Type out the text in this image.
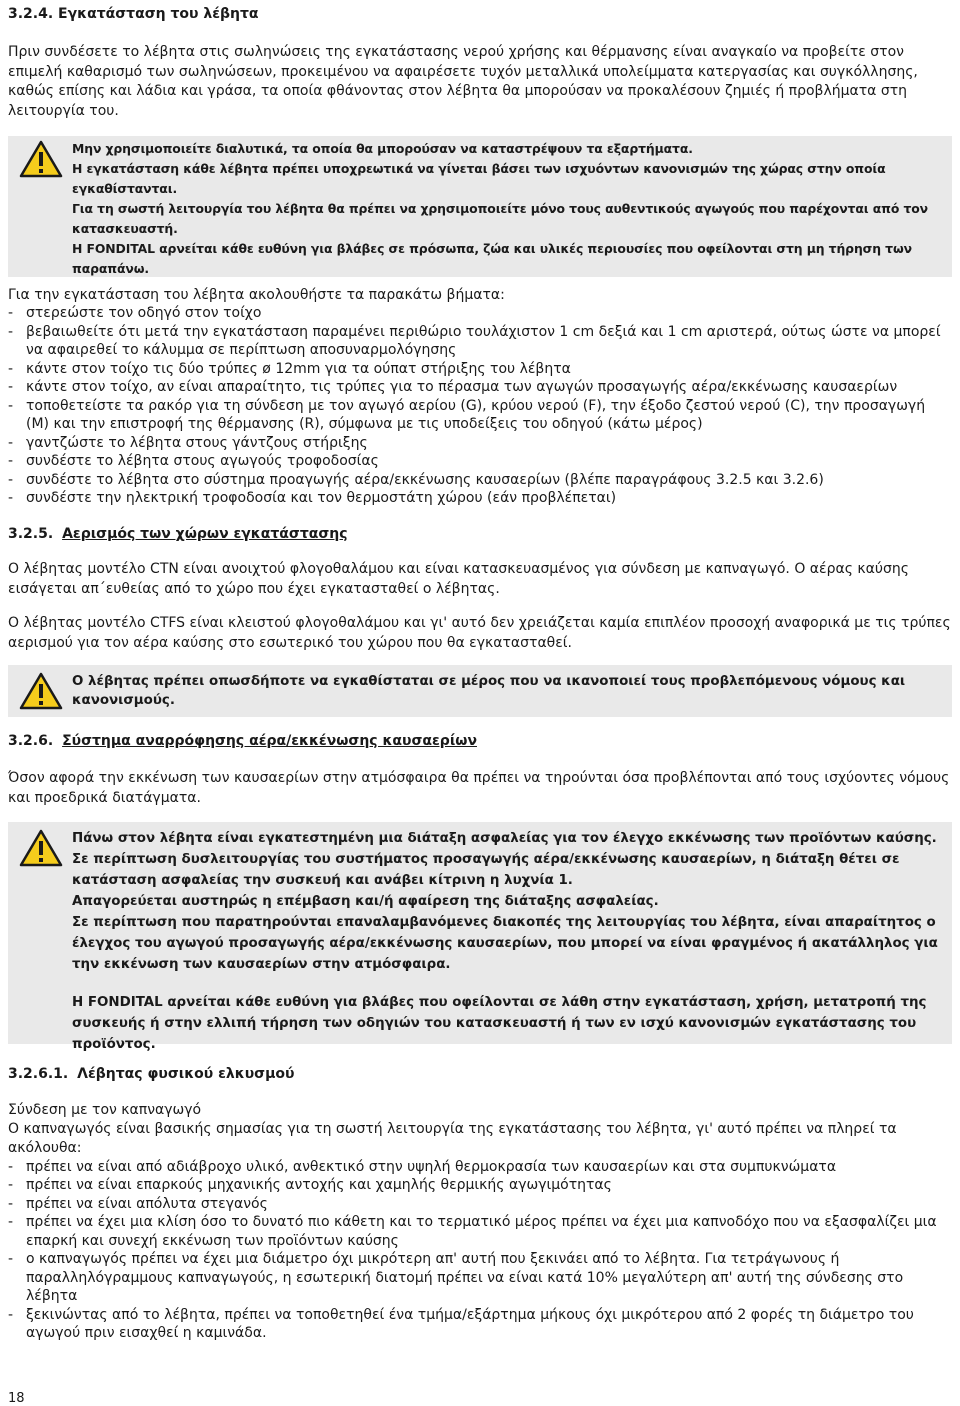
3.2.4. Εγκατάσταση του λέβητα

Πριν συνδέσετε το λέβητα στις σωληνώσεις της εγκατάστασης νερού χρήσης και θέρμανσης είναι αναγκαίο να προβείτε στον επιμελή καθαρισμό των σωληνώσεων, προκειμένου να αφαιρέσετε τυχόν μεταλλικά υπολείμματα κατεργασίας και συγκόλλησης, καθώς επίσης και λάδια και γράσα, τα οποία φθάνοντας στον λέβητα θα μπορούσαν να προκαλέσουν ζημιές ή προβλήματα στη λειτουργία του.

Μην χρησιμοποιείτε διαλυτικά, τα οποία θα μπορούσαν να καταστρέψουν τα εξαρτήματα.

Η εγκατάσταση κάθε λέβητα πρέπει υποχρεωτικά να γίνεται βάσει των ισχυόντων κανονισμών της χώρας στην οποία εγκαθίστανται.

Για τη σωστή λειτουργία του λέβητα θα πρέπει να χρησιμοποιείτε μόνο τους αυθεντικούς αγωγούς που παρέχονται από τον κατασκευαστή.

Η FONDITAL αρνείται κάθε ευθύνη για βλάβες σε πρόσωπα, ζώα και υλικές περιουσίες που οφείλονται στη μη τήρηση των παραπάνω.

Για την εγκατάσταση του λέβητα ακολουθήστε τα παρακάτω βήματα:

- στερεώστε τον οδηγό στον τοίχο
- βεβαιωθείτε ότι μετά την εγκατάσταση παραμένει περιθώριο τουλάχιστον 1 cm δεξιά και 1 cm αριστερά, ούτως ώστε να μπορεί να αφαιρεθεί το κάλυμμα σε περίπτωση αποσυναρμολόγησης
- κάντε στον τοίχο τις δύο τρύπες ø 12mm για τα ούπατ στήριξης του λέβητα
- κάντε στον τοίχο, αν είναι απαραίτητο, τις τρύπες για το πέρασμα των αγωγών προσαγωγής αέρα/εκκένωσης καυσαερίων
- τοποθετείστε τα ρακόρ για τη σύνδεση με τον αγωγό αερίου (G), κρύου νερού (F), την έξοδο ζεστού νερού (C), την προσαγωγή (M) και την επιστροφή της θέρμανσης (R), σύμφωνα με τις υποδείξεις του οδηγού (κάτω μέρος)
- γαντζώστε το λέβητα στους γάντζους στήριξης
- συνδέστε το λέβητα στους αγωγούς τροφοδοσίας
- συνδέστε το λέβητα στο σύστημα προαγωγής αέρα/εκκένωσης καυσαερίων (βλέπε παραγράφους 3.2.5 και 3.2.6)
- συνδέστε την ηλεκτρική τροφοδοσία και τον θερμοστάτη χώρου (εάν προβλέπεται)
3.2.5. Αερισμός των χώρων εγκατάστασης

Ο λέβητας μοντέλο CTN είναι ανοιχτού φλογοθαλάμου και είναι κατασκευασμένος για σύνδεση με καπναγωγό. Ο αέρας καύσης εισάγεται απ΄ευθείας από το χώρο που έχει εγκατασταθεί ο λέβητας.

Ο λέβητας μοντέλο CTFS είναι κλειστού φλογοθαλάμου και γι' αυτό δεν χρειάζεται καμία επιπλέον προσοχή αναφορικά με τις τρύπες αερισμού για τον αέρα καύσης στο εσωτερικό του χώρου που θα εγκατασταθεί.

Ο λέβητας πρέπει οπωσδήποτε να εγκαθίσταται σε μέρος που να ικανοποιεί τους προβλεπόμενους νόμους και κανονισμούς.

3.2.6. Σύστημα αναρρόφησης αέρα/εκκένωσης καυσαερίων

Όσον αφορά την εκκένωση των καυσαερίων στην ατμόσφαιρα θα πρέπει να τηρούνται όσα προβλέπονται από τους ισχύοντες νόμους και προεδρικά διατάγματα.

Πάνω στον λέβητα είναι εγκατεστημένη μια διάταξη ασφαλείας για τον έλεγχο εκκένωσης των προϊόντων καύσης.

Σε περίπτωση δυσλειτουργίας του συστήματος προσαγωγής αέρα/εκκένωσης καυσαερίων, η διάταξη θέτει σε κατάσταση ασφαλείας την συσκευή και ανάβει κίτρινη η λυχνία 1.

Απαγορεύεται αυστηρώς η επέμβαση και/ή αφαίρεση της διάταξης ασφαλείας.

Σε περίπτωση που παρατηρούνται επαναλαμβανόμενες διακοπές της λειτουργίας του λέβητα, είναι απαραίτητος ο έλεγχος του αγωγού προσαγωγής αέρα/εκκένωσης καυσαερίων, που μπορεί να είναι φραγμένος ή ακατάλληλος για την εκκένωση των καυσαερίων στην ατμόσφαιρα.

Η FONDITAL αρνείται κάθε ευθύνη για βλάβες που οφείλονται σε λάθη στην εγκατάσταση, χρήση, μετατροπή της συσκευής ή στην ελλιπή τήρηση των οδηγιών του κατασκευαστή ή των εν ισχύ κανονισμών εγκατάστασης του προϊόντος.

3.2.6.1. Λέβητας φυσικού ελκυσμού

Σύνδεση με τον καπναγωγό

Ο καπναγωγός είναι βασικής σημασίας για τη σωστή λειτουργία της εγκατάστασης του λέβητα, γι' αυτό πρέπει να πληρεί τα ακόλουθα:

- πρέπει να είναι από αδιάβροχο υλικό, ανθεκτικό στην υψηλή θερμοκρασία των καυσαερίων και στα συμπυκνώματα
- πρέπει να είναι επαρκούς μηχανικής αντοχής και χαμηλής θερμικής αγωγιμότητας
- πρέπει να είναι απόλυτα στεγανός
- πρέπει να έχει μια κλίση όσο το δυνατό πιο κάθετη και το τερματικό μέρος πρέπει να έχει μια καπνοδόχο που να εξασφαλίζει μια επαρκή και συνεχή εκκένωση των προϊόντων καύσης
- ο καπναγωγός πρέπει να έχει μια διάμετρο όχι μικρότερη απ' αυτή που ξεκινάει από το λέβητα. Για τετράγωνους ή παραλληλόγραμμους καπναγωγούς, η εσωτερική διατομή πρέπει να είναι κατά 10% μεγαλύτερη απ' αυτή της σύνδεσης στο λέβητα
- ξεκινώντας από το λέβητα, πρέπει να τοποθετηθεί ένα τμήμα/εξάρτημα μήκους όχι μικρότερου από 2 φορές τη διάμετρο του αγωγού πριν εισαχθεί η καμινάδα.
18
